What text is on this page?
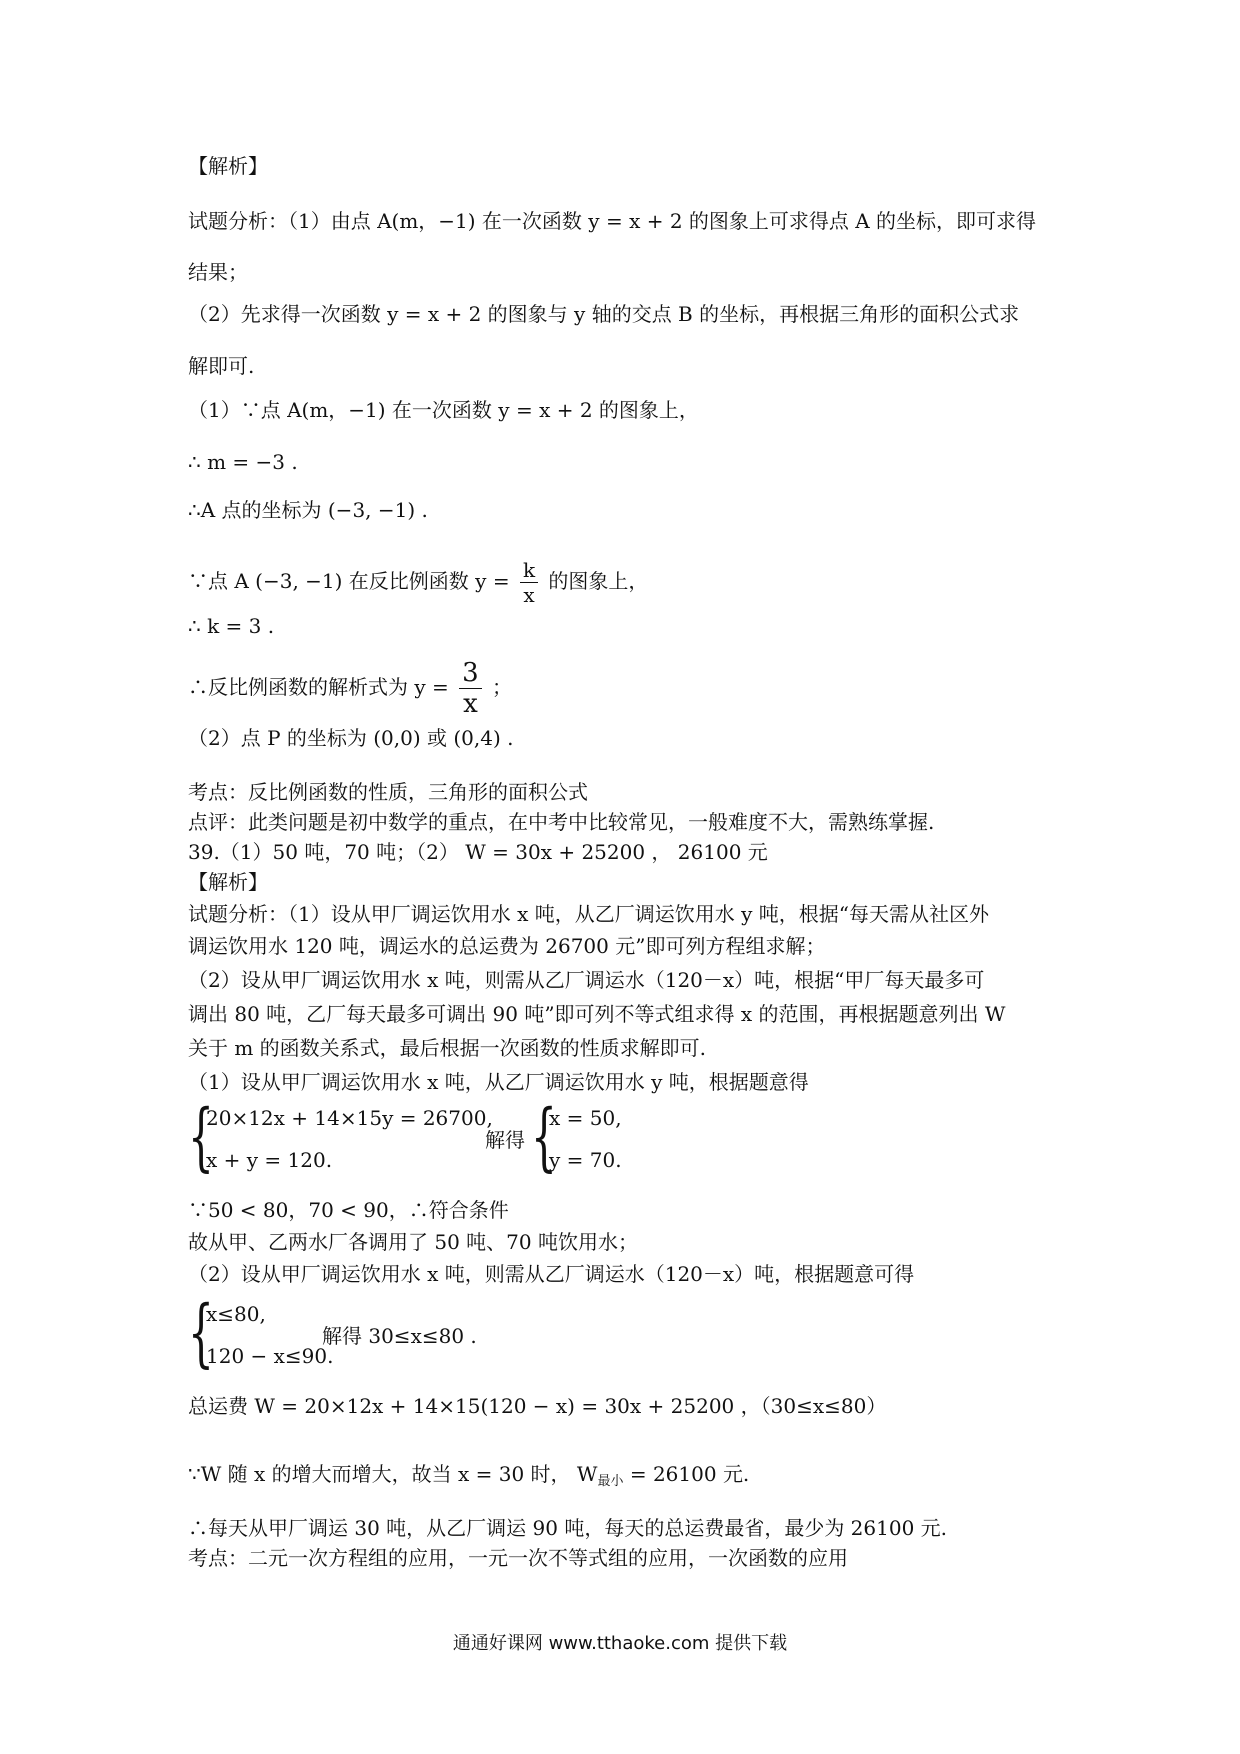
【解析】
试题分析：（1）由点 A(m，−1) 在一次函数 y = x + 2 的图象上可求得点 A 的坐标，即可求得
结果；
（2）先求得一次函数 y = x + 2 的图象与 y 轴的交点 B 的坐标，再根据三角形的面积公式求
解即可.
（1）∵点 A(m，−1) 在一次函数 y = x + 2 的图象上，
∴ m = −3 .
∴A 点的坐标为 (−3, −1) .
∵点 A (−3, −1) 在反比例函数 $y = \frac{k}{x}$ 的图象上，
∴ k = 3 .
∴反比例函数的解析式为 $y = \frac{3}{x}$ ；
（2）点 P 的坐标为 (0,0) 或 (0,4) .
考点：反比例函数的性质，三角形的面积公式
点评：此类问题是初中数学的重点，在中考中比较常见，一般难度不大，需熟练掌握.
39.（1）50 吨，70 吨；（2） W = 30x + 25200 ， 26100 元
【解析】
试题分析：（1）设从甲厂调运饮用水 x 吨，从乙厂调运饮用水 y 吨，根据“每天需从社区外
调运饮用水 120 吨，调运水的总运费为 26700 元”即可列方程组求解；
（2）设从甲厂调运饮用水 x 吨，则需从乙厂调运水（120－x）吨，根据“甲厂每天最多可
调出 80 吨，乙厂每天最多可调出 90 吨”即可列不等式组求得 x 的范围，再根据题意列出 W
关于 m 的函数关系式，最后根据一次函数的性质求解即可.
（1）设从甲厂调运饮用水 x 吨，从乙厂调运饮用水 y 吨，根据题意得
{
20×12x + 14×15y = 26700,
x + y = 120.
解得 {
x = 50,
y = 70.
∵50 < 80，70 < 90，∴符合条件
故从甲、乙两水厂各调用了 50 吨、70 吨饮用水；
（2）设从甲厂调运饮用水 x 吨，则需从乙厂调运水（120－x）吨，根据题意可得
{
x≤80,
120 − x≤90.
解得 30≤x≤80 .
总运费 W = 20×12x + 14×15(120 − x) = 30x + 25200 ，（30≤x≤80）
∵W 随 x 的增大而增大，故当 x = 30 时， $W_{最小} = 26100$ 元.
∴每天从甲厂调运 30 吨，从乙厂调运 90 吨，每天的总运费最省，最少为 26100 元.
考点：二元一次方程组的应用，一元一次不等式组的应用，一次函数的应用
通通好课网 www.tthaoke.com 提供下载
